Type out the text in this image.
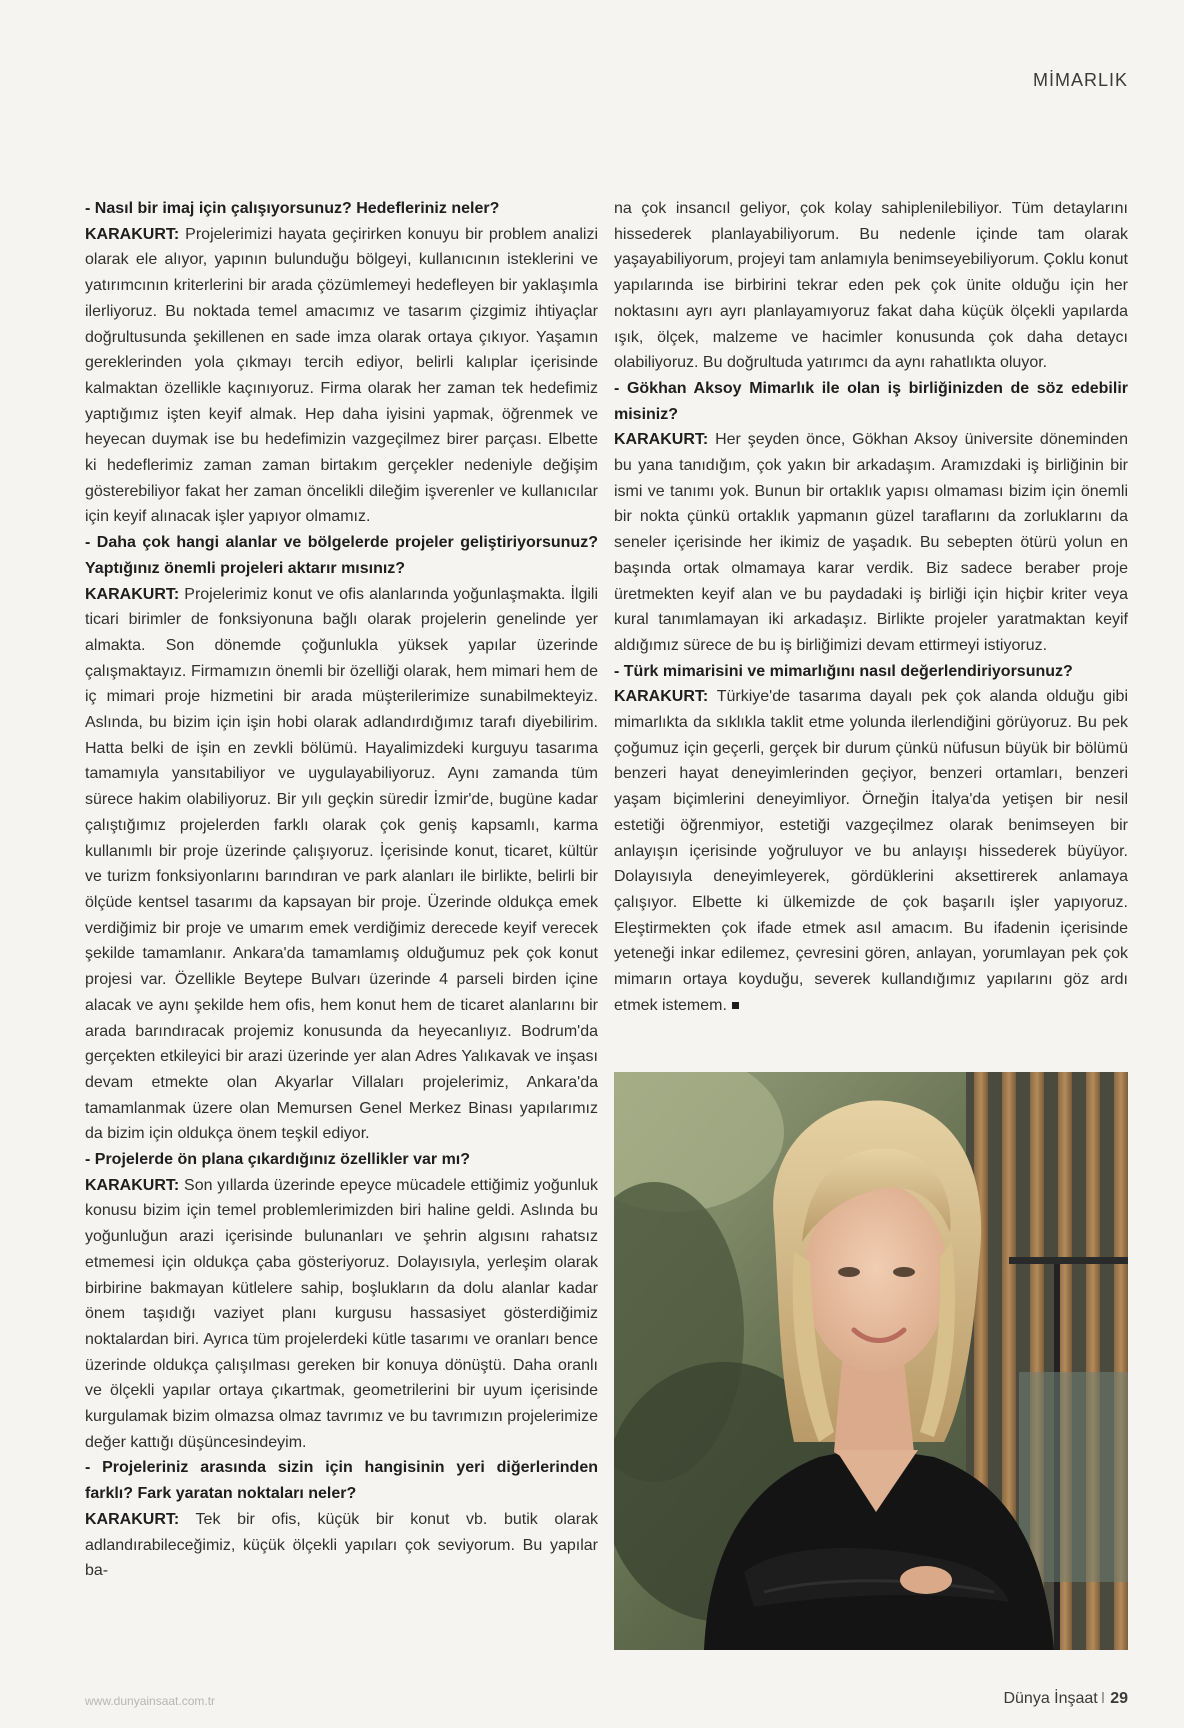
MİMARLIK

- Nasıl bir imaj için çalışıyorsunuz? Hedefleriniz neler?

KARAKURT: Projelerimizi hayata geçirirken konuyu bir problem analizi olarak ele alıyor, yapının bulunduğu bölgeyi, kullanıcının isteklerini ve yatırımcının kriterlerini bir arada çözümlemeyi hedefleyen bir yaklaşımla ilerliyoruz. Bu noktada temel amacımız ve tasarım çizgimiz ihtiyaçlar doğrultusunda şekillenen en sade imza olarak ortaya çıkıyor. Yaşamın gereklerinden yola çıkmayı tercih ediyor, belirli kalıplar içerisinde kalmaktan özellikle kaçınıyoruz. Firma olarak her zaman tek hedefimiz yaptığımız işten keyif almak. Hep daha iyisini yapmak, öğrenmek ve heyecan duymak ise bu hedefimizin vazgeçilmez birer parçası. Elbette ki hedeflerimiz zaman zaman birtakım gerçekler nedeniyle değişim gösterebiliyor fakat her zaman öncelikli dileğim işverenler ve kullanıcılar için keyif alınacak işler yapıyor olmamız.

- Daha çok hangi alanlar ve bölgelerde projeler geliştiriyorsunuz? Yaptığınız önemli projeleri aktarır mısınız?

KARAKURT: Projelerimiz konut ve ofis alanlarında yoğunlaşmakta. İlgili ticari birimler de fonksiyonuna bağlı olarak projelerin genelinde yer almakta. Son dönemde çoğunlukla yüksek yapılar üzerinde çalışmaktayız. Firmamızın önemli bir özelliği olarak, hem mimari hem de iç mimari proje hizmetini bir arada müşterilerimize sunabilmekteyiz. Aslında, bu bizim için işin hobi olarak adlandırdığımız tarafı diyebilirim. Hatta belki de işin en zevkli bölümü. Hayalimizdeki kurguyu tasarıma tamamıyla yansıtabiliyor ve uygulayabiliyoruz. Aynı zamanda tüm sürece hakim olabiliyoruz. Bir yılı geçkin süredir İzmir'de, bugüne kadar çalıştığımız projelerden farklı olarak çok geniş kapsamlı, karma kullanımlı bir proje üzerinde çalışıyoruz. İçerisinde konut, ticaret, kültür ve turizm fonksiyonlarını barındıran ve park alanları ile birlikte, belirli bir ölçüde kentsel tasarımı da kapsayan bir proje. Üzerinde oldukça emek verdiğimiz bir proje ve umarım emek verdiğimiz derecede keyif verecek şekilde tamamlanır. Ankara'da tamamlamış olduğumuz pek çok konut projesi var. Özellikle Beytepe Bulvarı üzerinde 4 parseli birden içine alacak ve aynı şekilde hem ofis, hem konut hem de ticaret alanlarını bir arada barındıracak projemiz konusunda da heyecanlıyız. Bodrum'da gerçekten etkileyici bir arazi üzerinde yer alan Adres Yalıkavak ve inşası devam etmekte olan Akyarlar Villaları projelerimiz, Ankara'da tamamlanmak üzere olan Memursen Genel Merkez Binası yapılarımız da bizim için oldukça önem teşkil ediyor.

- Projelerde ön plana çıkardığınız özellikler var mı?

KARAKURT: Son yıllarda üzerinde epeyce mücadele ettiğimiz yoğunluk konusu bizim için temel problemlerimizden biri haline geldi. Aslında bu yoğunluğun arazi içerisinde bulunanları ve şehrin algısını rahatsız etmemesi için oldukça çaba gösteriyoruz. Dolayısıyla, yerleşim olarak birbirine bakmayan kütlelere sahip, boşlukların da dolu alanlar kadar önem taşıdığı vaziyet planı kurgusu hassasiyet gösterdiğimiz noktalardan biri. Ayrıca tüm projelerdeki kütle tasarımı ve oranları bence üzerinde oldukça çalışılması gereken bir konuya dönüştü. Daha oranlı ve ölçekli yapılar ortaya çıkartmak, geometrilerini bir uyum içerisinde kurgulamak bizim olmazsa olmaz tavrımız ve bu tavrımızın projelerimize değer kattığı düşüncesindeyim.

- Projeleriniz arasında sizin için hangisinin yeri diğerlerinden farklı? Fark yaratan noktaları neler?

KARAKURT: Tek bir ofis, küçük bir konut vb. butik olarak adlandırabileceğimiz, küçük ölçekli yapıları çok seviyorum. Bu yapılar ba-

na çok insancıl geliyor, çok kolay sahiplenilebiliyor. Tüm detaylarını hissederek planlayabiliyorum. Bu nedenle içinde tam olarak yaşayabiliyorum, projeyi tam anlamıyla benimseyebiliyorum. Çoklu konut yapılarında ise birbirini tekrar eden pek çok ünite olduğu için her noktasını ayrı ayrı planlayamıyoruz fakat daha küçük ölçekli yapılarda ışık, ölçek, malzeme ve hacimler konusunda çok daha detaycı olabiliyoruz. Bu doğrultuda yatırımcı da aynı rahatlıkta oluyor.

- Gökhan Aksoy Mimarlık ile olan iş birliğinizden de söz edebilir misiniz?

KARAKURT: Her şeyden önce, Gökhan Aksoy üniversite döneminden bu yana tanıdığım, çok yakın bir arkadaşım. Aramızdaki iş birliğinin bir ismi ve tanımı yok. Bunun bir ortaklık yapısı olmaması bizim için önemli bir nokta çünkü ortaklık yapmanın güzel taraflarını da zorluklarını da seneler içerisinde her ikimiz de yaşadık. Bu sebepten ötürü yolun en başında ortak olmamaya karar verdik. Biz sadece beraber proje üretmekten keyif alan ve bu paydadaki iş birliği için hiçbir kriter veya kural tanımlamayan iki arkadaşız. Birlikte projeler yaratmaktan keyif aldığımız sürece de bu iş birliğimizi devam ettirmeyi istiyoruz.

- Türk mimarisini ve mimarlığını nasıl değerlendiriyorsunuz?

KARAKURT: Türkiye'de tasarıma dayalı pek çok alanda olduğu gibi mimarlıkta da sıklıkla taklit etme yolunda ilerlendiğini görüyoruz. Bu pek çoğumuz için geçerli, gerçek bir durum çünkü nüfusun büyük bir bölümü benzeri hayat deneyimlerinden geçiyor, benzeri ortamları, benzeri yaşam biçimlerini deneyimliyor. Örneğin İtalya'da yetişen bir nesil estetiği öğrenmiyor, estetiği vazgeçilmez olarak benimseyen bir anlayışın içerisinde yoğruluyor ve bu anlayışı hissederek büyüyor. Dolayısıyla deneyimleyerek, gördüklerini aksettirerek anlamaya çalışıyor. Elbette ki ülkemizde de çok başarılı işler yapıyoruz. Eleştirmekten çok ifade etmek asıl amacım. Bu ifadenin içerisinde yeteneği inkar edilemez, çevresini gören, anlayan, yorumlayan pek çok mimarın ortaya koyduğu, severek kullandığımız yapılarını göz ardı etmek istemem.

www.dunyainsaat.com.tr	Dünya İnşaat I 29
